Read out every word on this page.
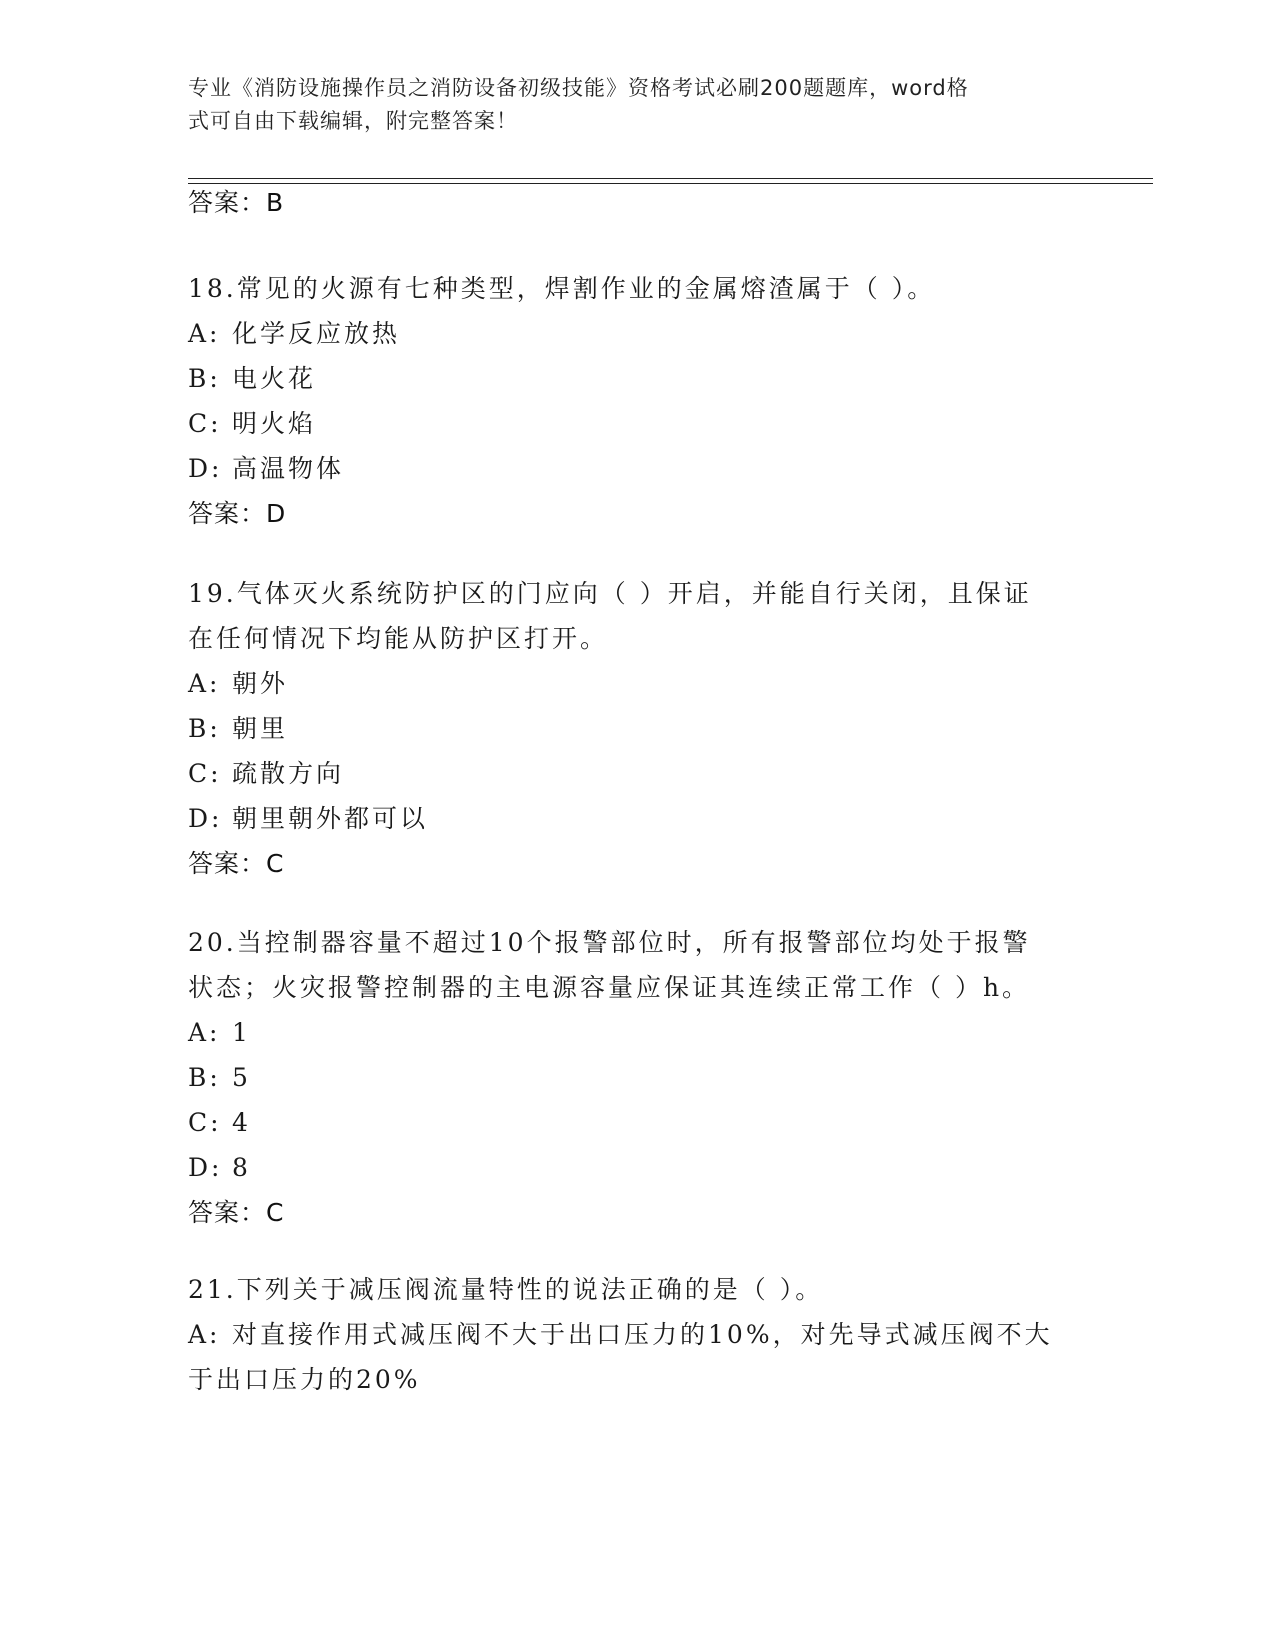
专业《消防设施操作员之消防设备初级技能》资格考试必刷200题题库，word格
式可自由下载编辑，附完整答案！
答案：B
18.常见的火源有七种类型，焊割作业的金属熔渣属于（ ）。
A: 化学反应放热
B: 电火花
C: 明火焰
D: 高温物体
答案：D
19.气体灭火系统防护区的门应向（ ）开启，并能自行关闭，且保证
在任何情况下均能从防护区打开。
A: 朝外
B: 朝里
C: 疏散方向
D: 朝里朝外都可以
答案：C
20.当控制器容量不超过10个报警部位时，所有报警部位均处于报警
状态；火灾报警控制器的主电源容量应保证其连续正常工作（ ）h。
A: 1
B: 5
C: 4
D: 8
答案：C
21.下列关于减压阀流量特性的说法正确的是（ ）。
A: 对直接作用式减压阀不大于出口压力的10%，对先导式减压阀不大
于出口压力的20%
